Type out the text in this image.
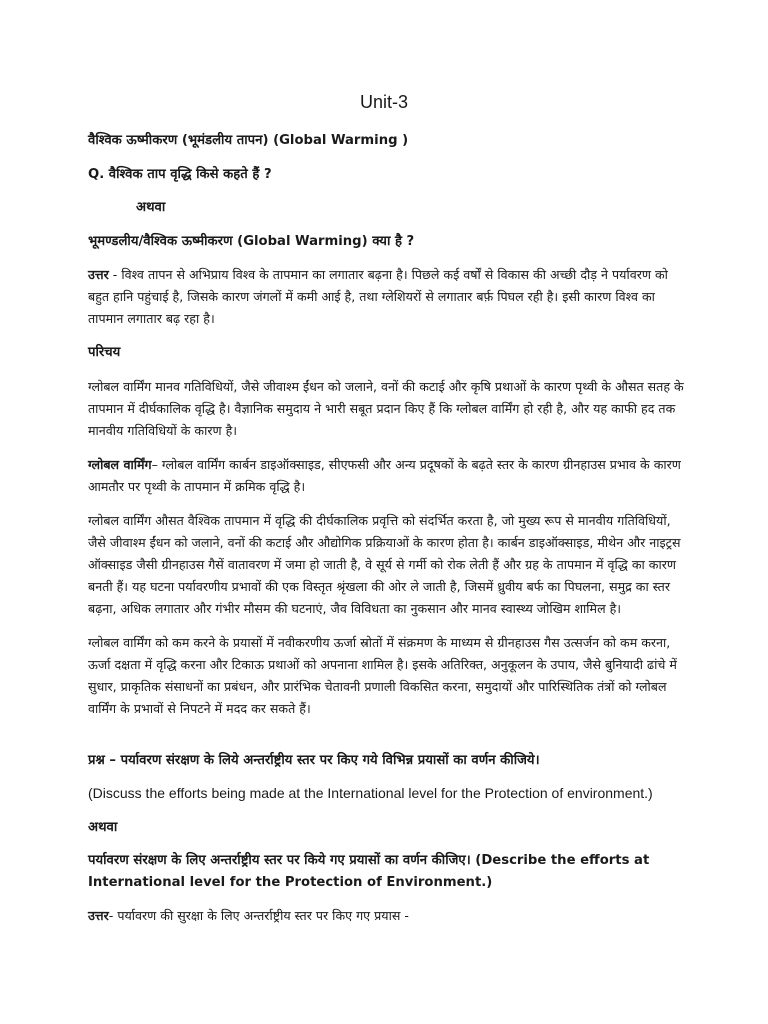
Unit-3

वैश्विक ऊष्मीकरण (भूमंडलीय तापन) (Global Warming )

Q. वैश्विक ताप वृद्धि किसे कहते हैं ?

अथवा

भूमण्डलीय/वैश्विक ऊष्मीकरण (Global Warming) क्या है ?

उत्तर - विश्व तापन से अभिप्राय विश्व के तापमान का लगातार बढ़ना है। पिछले कई वर्षों से विकास की अच्छी दौड़ ने पर्यावरण को बहुत हानि पहुंचाई है, जिसके कारण जंगलों में कमी आई है, तथा ग्लेशियरों से लगातार बर्फ़ पिघल रही है। इसी कारण विश्व का तापमान लगातार बढ़ रहा है।

परिचय

ग्लोबल वार्मिंग मानव गतिविधियों, जैसे जीवाश्म ईंधन को जलाने, वनों की कटाई और कृषि प्रथाओं के कारण पृथ्वी के औसत सतह के तापमान में दीर्घकालिक वृद्धि है। वैज्ञानिक समुदाय ने भारी सबूत प्रदान किए हैं कि ग्लोबल वार्मिंग हो रही है, और यह काफी हद तक मानवीय गतिविधियों के कारण है।

ग्लोबल वार्मिंग– ग्लोबल वार्मिंग कार्बन डाइऑक्साइड, सीएफसी और अन्य प्रदूषकों के बढ़ते स्तर के कारण ग्रीनहाउस प्रभाव के कारण आमतौर पर पृथ्वी के तापमान में क्रमिक वृद्धि है।

ग्लोबल वार्मिंग औसत वैश्विक तापमान में वृद्धि की दीर्घकालिक प्रवृत्ति को संदर्भित करता है, जो मुख्य रूप से मानवीय गतिविधियों, जैसे जीवाश्म ईंधन को जलाने, वनों की कटाई और औद्योगिक प्रक्रियाओं के कारण होता है। कार्बन डाइऑक्साइड, मीथेन और नाइट्रस ऑक्साइड जैसी ग्रीनहाउस गैसें वातावरण में जमा हो जाती है, वे सूर्य से गर्मी को रोक लेती हैं और ग्रह के तापमान में वृद्धि का कारण बनती हैं। यह घटना पर्यावरणीय प्रभावों की एक विस्तृत श्रृंखला की ओर ले जाती है, जिसमें ध्रुवीय बर्फ का पिघलना, समुद्र का स्तर बढ़ना, अधिक लगातार और गंभीर मौसम की घटनाएं, जैव विविधता का नुकसान और मानव स्वास्थ्य जोखिम शामिल है।

ग्लोबल वार्मिंग को कम करने के प्रयासों में नवीकरणीय ऊर्जा स्रोतों में संक्रमण के माध्यम से ग्रीनहाउस गैस उत्सर्जन को कम करना, ऊर्जा दक्षता में वृद्धि करना और टिकाऊ प्रथाओं को अपनाना शामिल है। इसके अतिरिक्त, अनुकूलन के उपाय, जैसे बुनियादी ढांचे में सुधार, प्राकृतिक संसाधनों का प्रबंधन, और प्रारंभिक चेतावनी प्रणाली विकसित करना, समुदायों और पारिस्थितिक तंत्रों को ग्लोबल वार्मिंग के प्रभावों से निपटने में मदद कर सकते हैं।

प्रश्न – पर्यावरण संरक्षण के लिये अन्तर्राष्ट्रीय स्तर पर किए गये विभिन्न प्रयासों का वर्णन कीजिये।

(Discuss the efforts being made at the International level for the Protection of environment.)

अथवा

पर्यावरण संरक्षण के लिए अन्तर्राष्ट्रीय स्तर पर किये गए प्रयासों का वर्णन कीजिए। (Describe the efforts at International level for the Protection of Environment.)

उत्तर- पर्यावरण की सुरक्षा के लिए अन्तर्राष्ट्रीय स्तर पर किए गए प्रयास -
